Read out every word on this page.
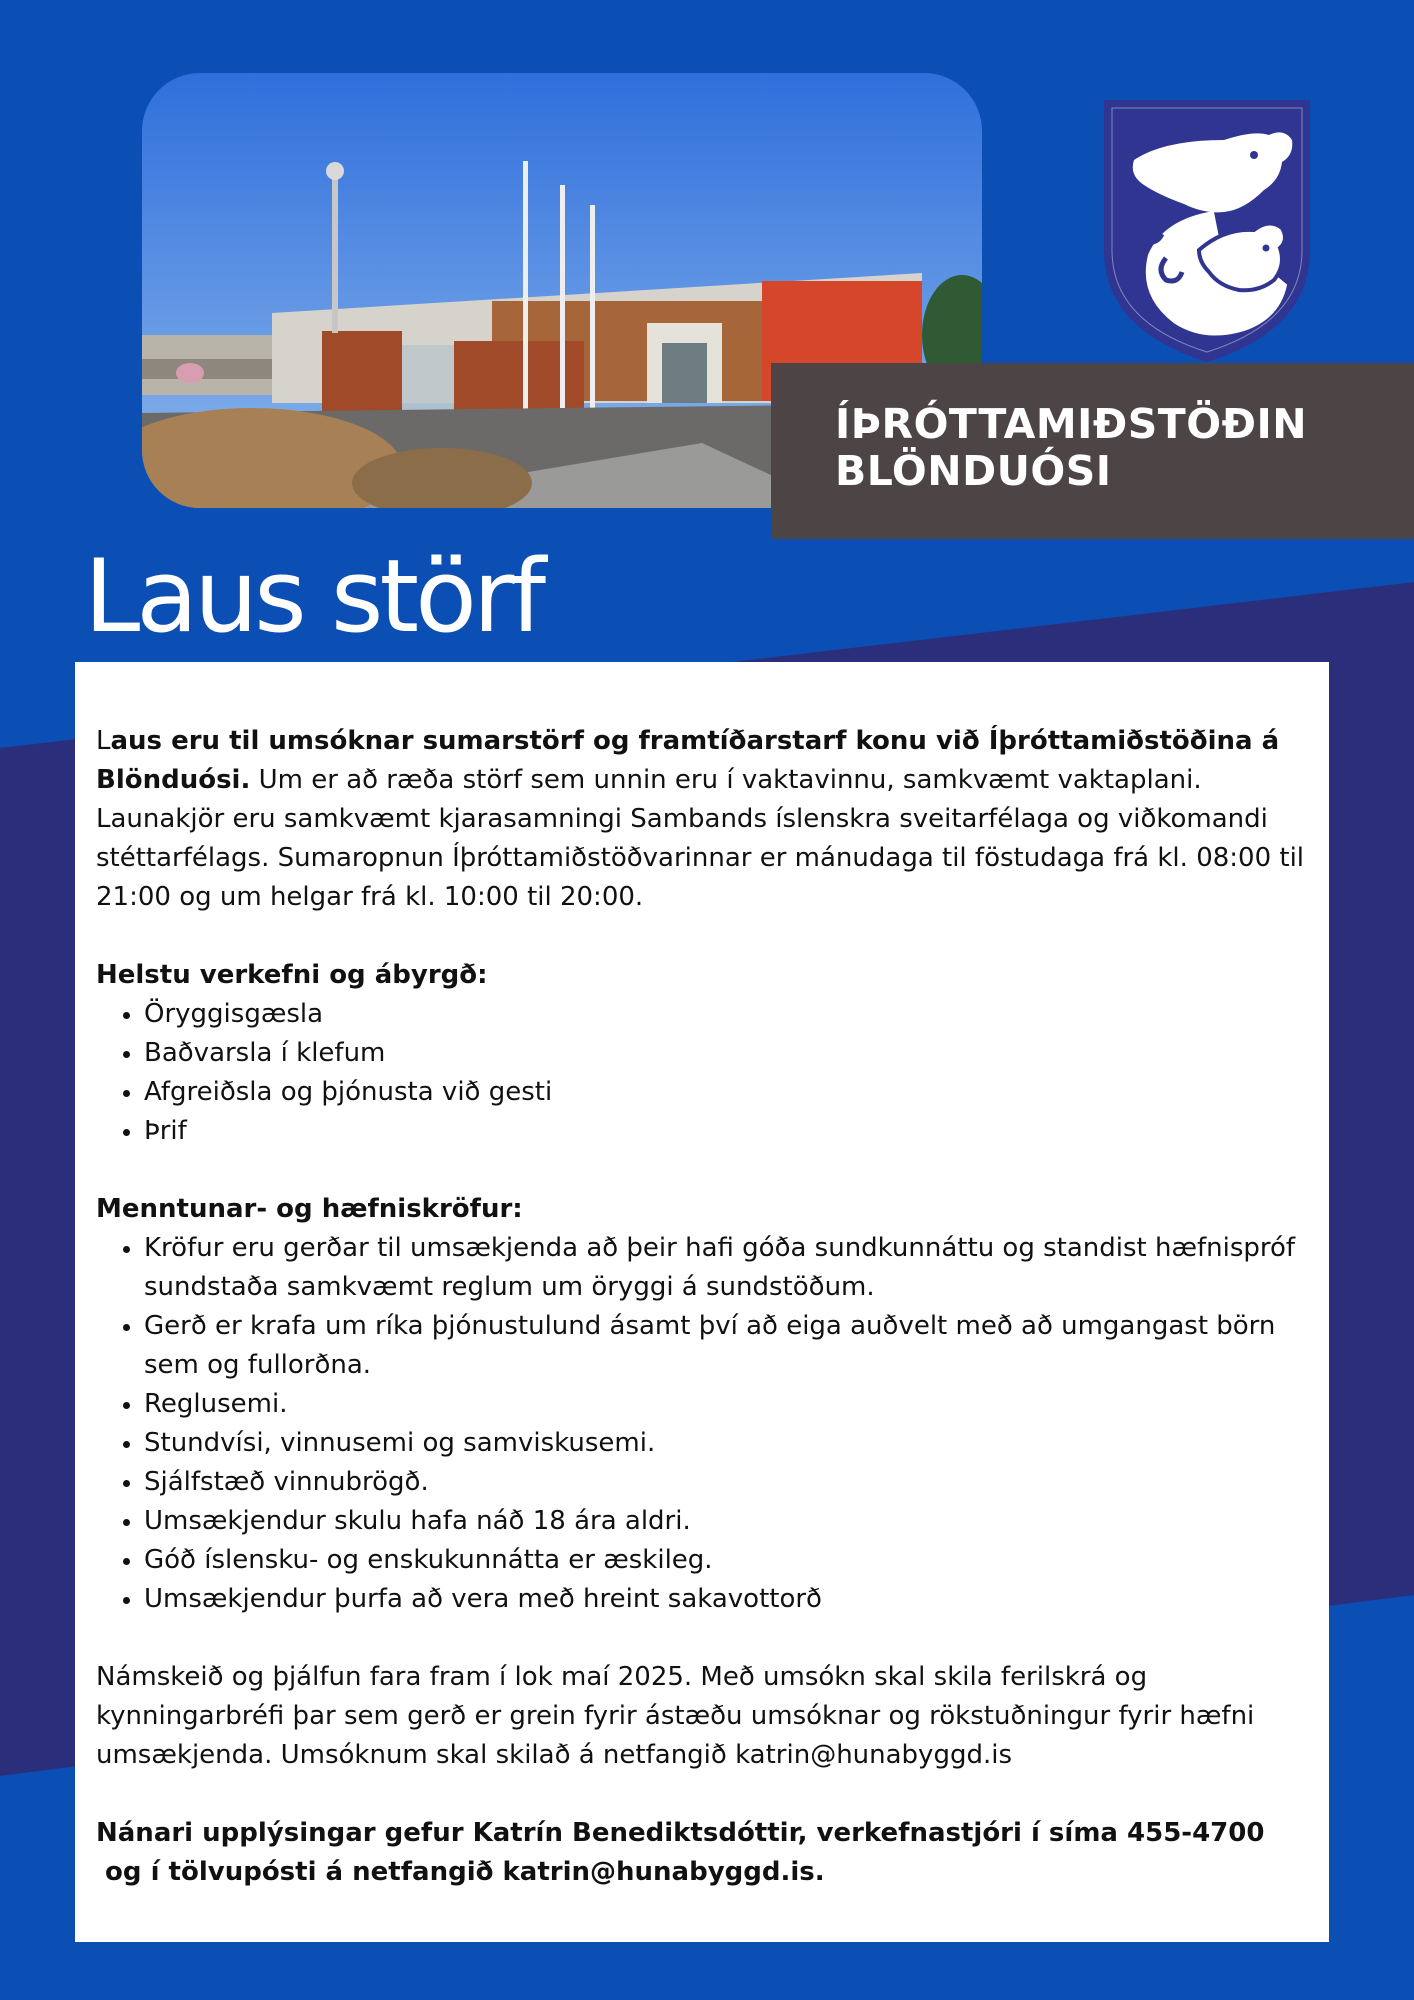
ÍÞRÓTTAMIÐSTÖÐIN
BLÖNDUÓSI
Laus störf

Laus eru til umsóknar sumarstörf og framtíðarstarf konu við Íþróttamiðstöðina á Blönduósi. Um er að ræða störf sem unnin eru í vaktavinnu, samkvæmt vaktaplani. Launakjör eru samkvæmt kjarasamningi Sambands íslenskra sveitarfélaga og viðkomandi stéttarfélags. Sumaropnun Íþróttamiðstöðvarinnar er mánudaga til föstudaga frá kl. 08:00 til 21:00 og um helgar frá kl. 10:00 til 20:00.

Helstu verkefni og ábyrgð:

• Öryggisgæsla
• Baðvarsla í klefum
• Afgreiðsla og þjónusta við gesti
• Þrif

Menntunar- og hæfniskröfur:

• Kröfur eru gerðar til umsækjenda að þeir hafi góða sundkunnáttu og standist hæfnispróf sundstaða samkvæmt reglum um öryggi á sundstöðum.
• Gerð er krafa um ríka þjónustulund ásamt því að eiga auðvelt með að umgangast börn sem og fullorðna.
• Reglusemi.
• Stundvísi, vinnusemi og samviskusemi.
• Sjálfstæð vinnubrögð.
• Umsækjendur skulu hafa náð 18 ára aldri.
• Góð íslensku- og enskukunnátta er æskileg.
• Umsækjendur þurfa að vera með hreint sakavottorð

Námskeið og þjálfun fara fram í lok maí 2025. Með umsókn skal skila ferilskrá og kynningarbréfi þar sem gerð er grein fyrir ástæðu umsóknar og rökstuðningur fyrir hæfni umsækjenda. Umsóknum skal skilað á netfangið katrin@hunabyggd.is

Nánari upplýsingar gefur Katrín Benediktsdóttir, verkefnastjóri í síma 455-4700

og í tölvupósti á netfangið katrin@hunabyggd.is.
